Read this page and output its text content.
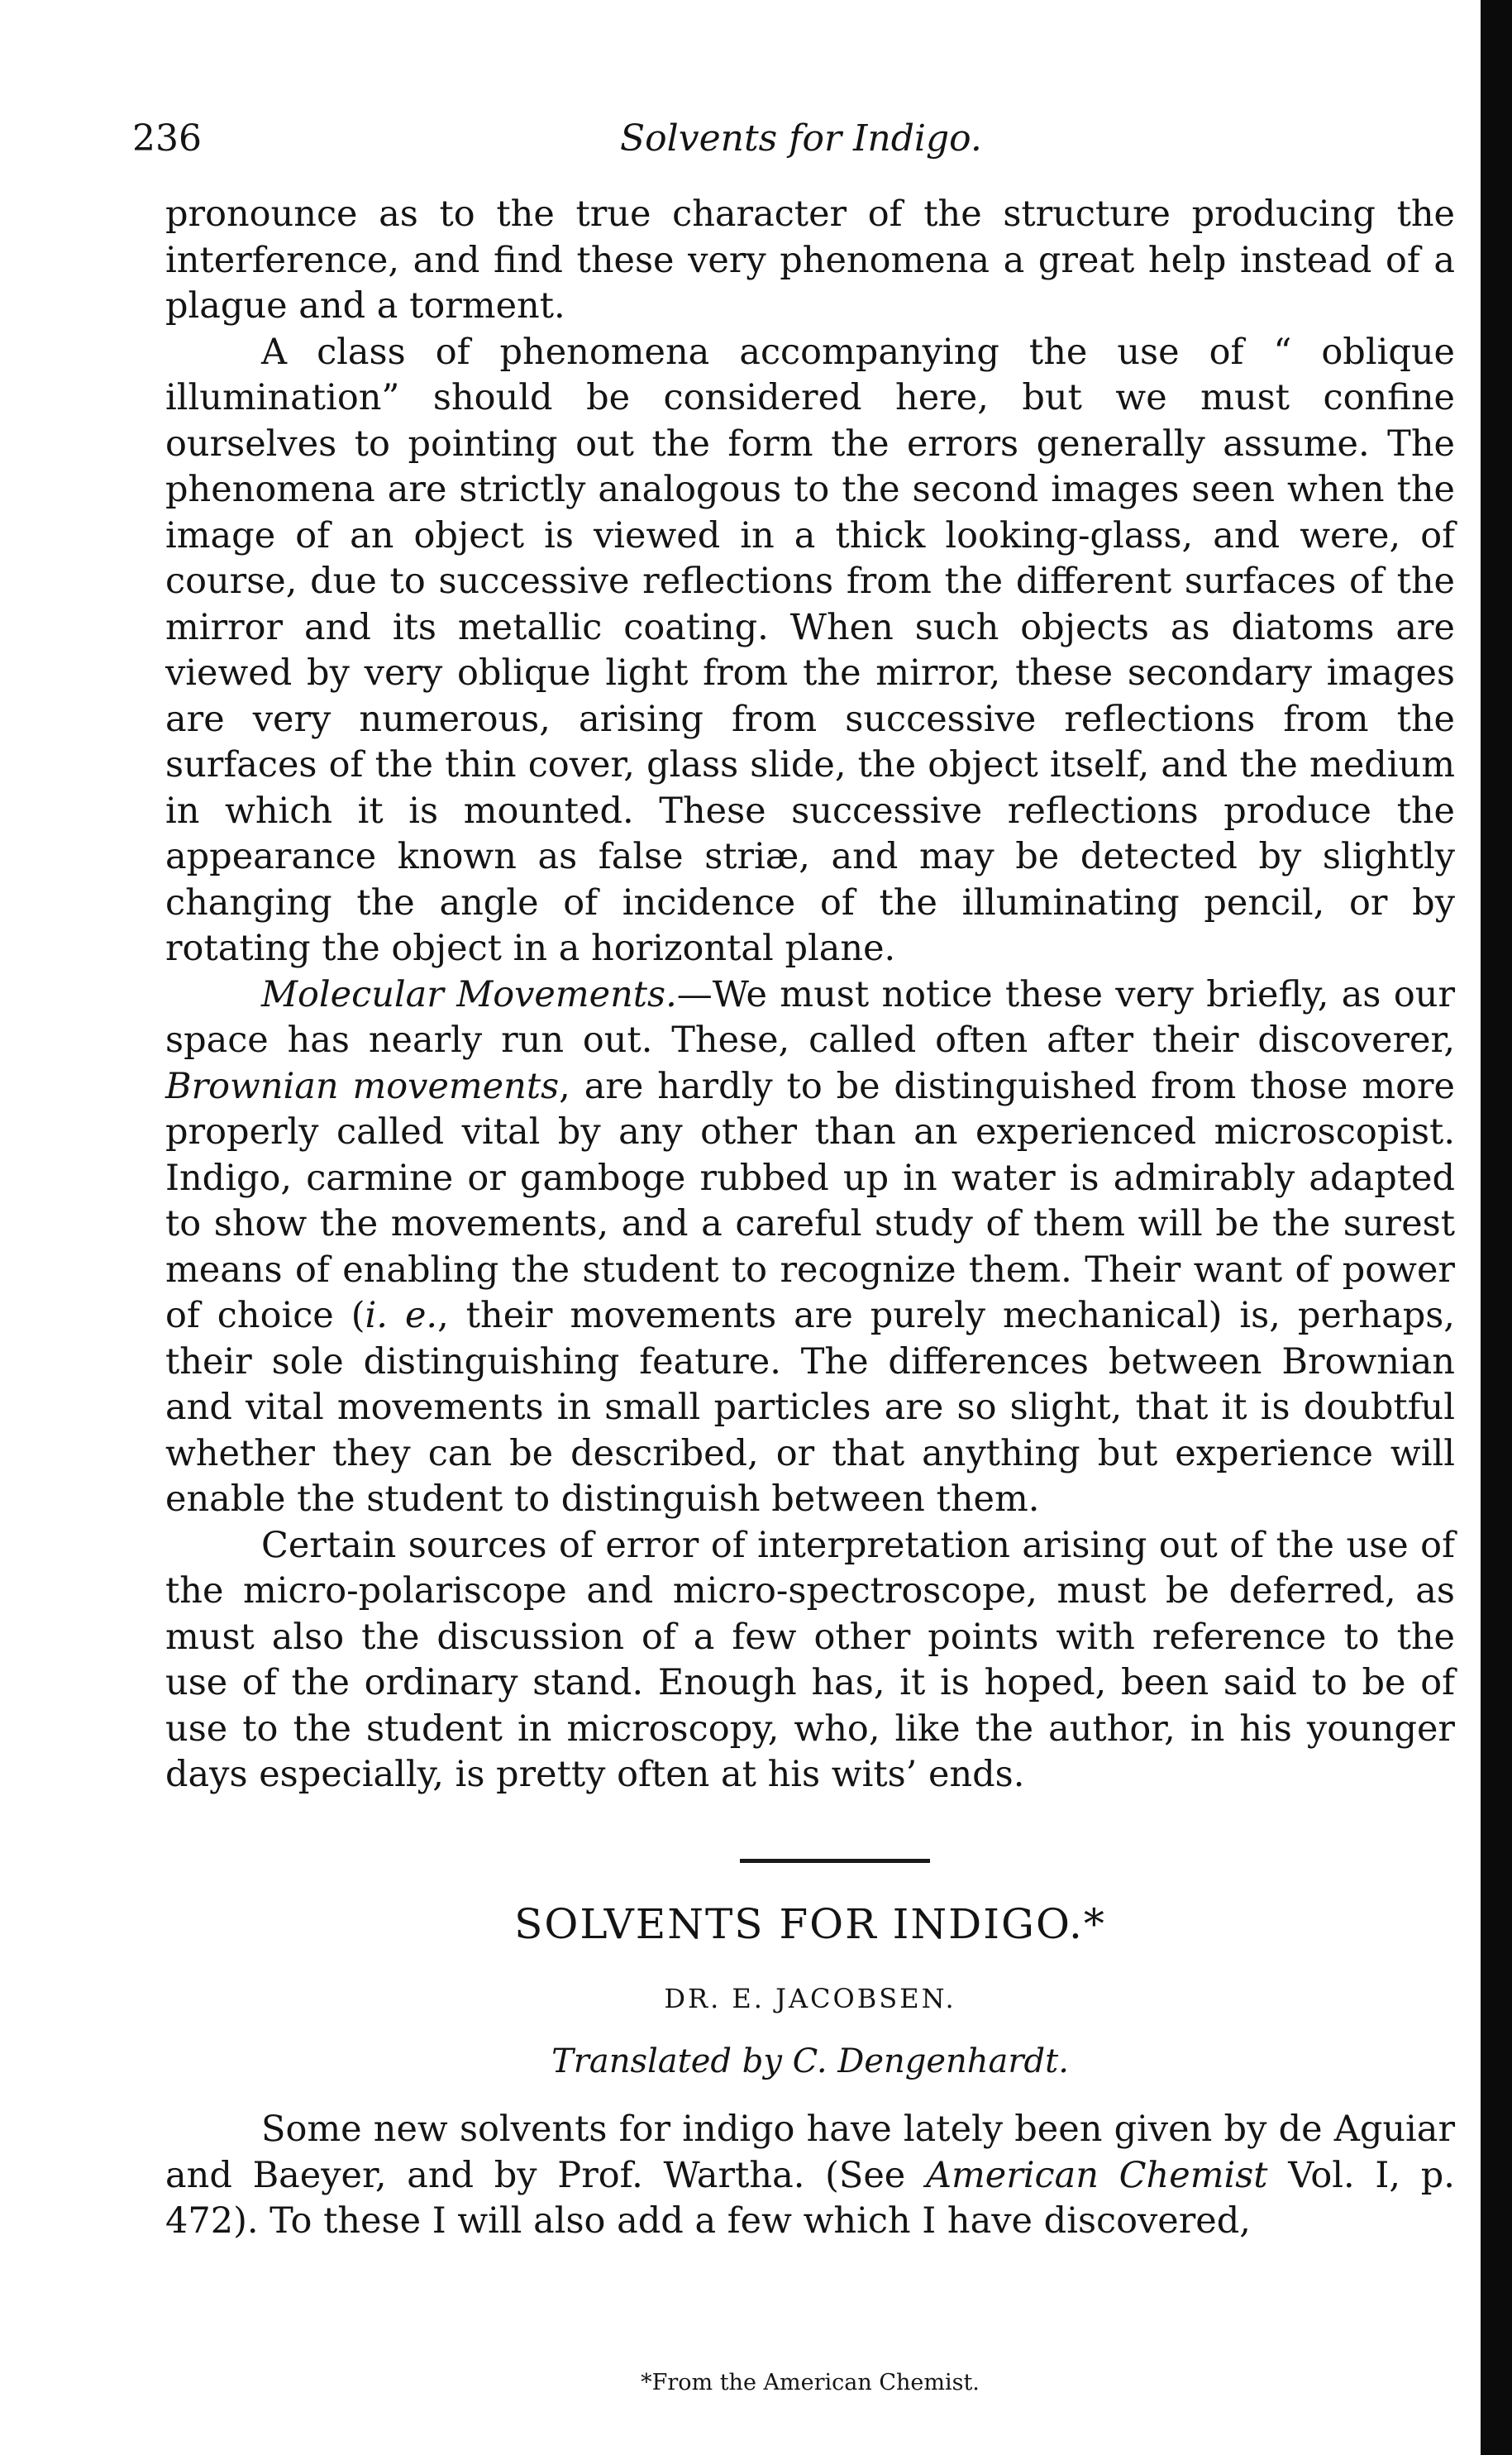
236	Solvents for Indigo.

pronounce as to the true character of the structure producing the interference, and find these very phenomena a great help instead of a plague and a torment.

A class of phenomena accompanying the use of “ oblique illumination” should be considered here, but we must confine ourselves to pointing out the form the errors generally assume. The phenomena are strictly analogous to the second images seen when the image of an object is viewed in a thick looking-glass, and were, of course, due to successive reflections from the different surfaces of the mirror and its metallic coating. When such objects as diatoms are viewed by very oblique light from the mirror, these secondary images are very numerous, arising from successive reflections from the surfaces of the thin cover, glass slide, the object itself, and the medium in which it is mounted. These successive reflections produce the appearance known as false striæ, and may be detected by slightly changing the angle of incidence of the illuminating pencil, or by rotating the object in a horizontal plane.

Molecular Movements.—We must notice these very briefly, as our space has nearly run out. These, called often after their discoverer, Brownian movements, are hardly to be distinguished from those more properly called vital by any other than an experienced microscopist. Indigo, carmine or gamboge rubbed up in water is admirably adapted to show the movements, and a careful study of them will be the surest means of enabling the student to recognize them. Their want of power of choice (i. e., their movements are purely mechanical) is, perhaps, their sole distinguishing feature. The differences between Brownian and vital movements in small particles are so slight, that it is doubtful whether they can be described, or that anything but experience will enable the student to distinguish between them.

Certain sources of error of interpretation arising out of the use of the micro-polariscope and micro-spectroscope, must be deferred, as must also the discussion of a few other points with reference to the use of the ordinary stand. Enough has, it is hoped, been said to be of use to the student in microscopy, who, like the author, in his younger days especially, is pretty often at his wits’ ends.

SOLVENTS FOR INDIGO.*
DR. E. JACOBSEN.
Translated by C. Dengenhardt.

Some new solvents for indigo have lately been given by de Aguiar and Baeyer, and by Prof. Wartha. (See American Chemist Vol. I, p. 472). To these I will also add a few which I have discovered,

*From the American Chemist.
